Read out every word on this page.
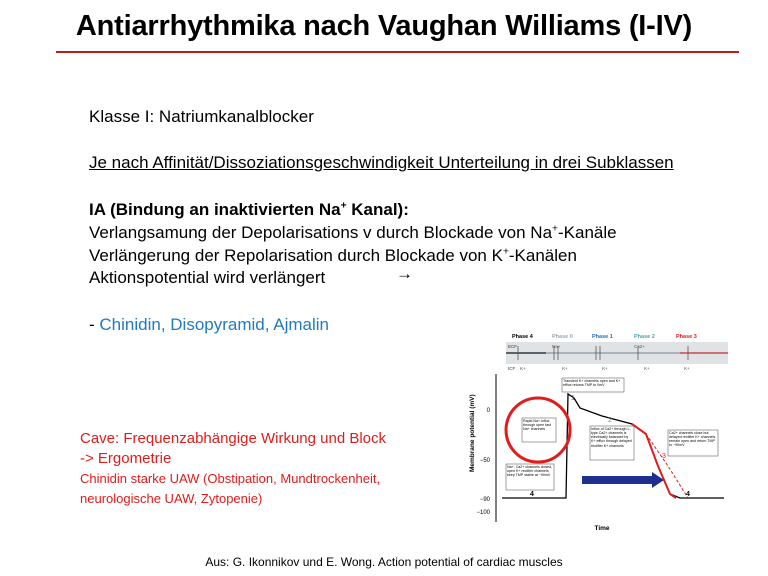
Antiarrhythmika nach Vaughan Williams (I-IV)
Klasse I: Natriumkanalblocker
Je nach Affinität/Dissoziationsgeschwindigkeit Unterteilung in drei Subklassen
IA (Bindung an inaktivierten Na+ Kanal):
Verlangsamung der Depolarisations v durch Blockade von Na+-Kanäle
Verlängerung der Repolarisation durch Blockade von K+-Kanälen
Aktionspotential wird verlängert	→
- Chinidin, Disopyramid, Ajmalin
Cave: Frequenzabhängige Wirkung und Block
-> Ergometrie
Chinidin starke UAW (Obstipation, Mundtrockenheit,
neurologische UAW, Zytopenie)
Phase 4	Phase 0	Phase 1	Phase 2	Phase 3
ECF
ICF
Na+	Ca2+
K+	K+	K+	K+	K+
Membrane potential (mV) 0
−50
−90
−100
Time
Rapid Na+ influx through open fast Na+ channels
Transient K+ channels open and K+ efflux returns TMP to 0mV
Influx of Ca2+ through L-type Ca2+ channels is electrically balanced by K+ efflux through delayed rectifier K+ channels
Ca2+ channels close but delayed rectifier K+ channels remain open and return TMP to −90mV
Na+, Ca2+ channels closed, open K+ rectifier channels keep TMP stable at −90mV
1
2
3
4	4
Aus: G. Ikonnikov und E. Wong. Action potential of cardiac muscles
